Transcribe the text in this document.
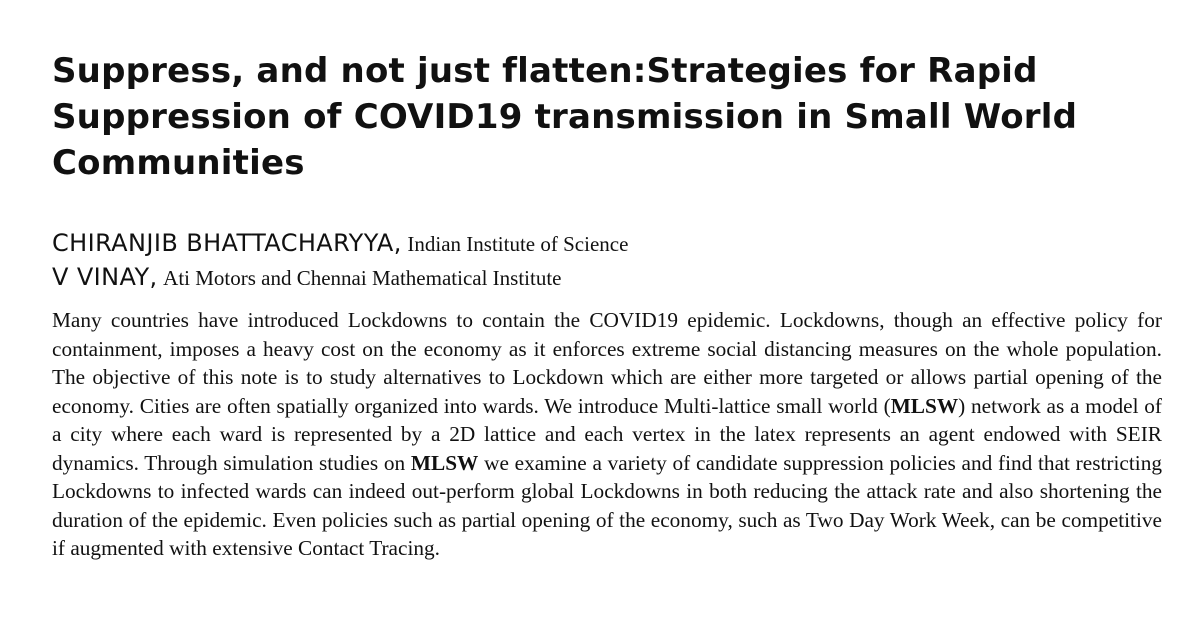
Suppress, and not just flatten:Strategies for Rapid Suppression of COVID19 transmission in Small World Communities
CHIRANJIB BHATTACHARYYA, Indian Institute of Science
V VINAY, Ati Motors and Chennai Mathematical Institute

Many countries have introduced Lockdowns to contain the COVID19 epidemic. Lockdowns, though an effective policy for containment, imposes a heavy cost on the economy as it enforces extreme social distancing measures on the whole population. The objective of this note is to study alternatives to Lockdown which are either more targeted or allows partial opening of the economy. Cities are often spatially organized into wards. We introduce Multi-lattice small world (MLSW) network as a model of a city where each ward is represented by a 2D lattice and each vertex in the latex represents an agent endowed with SEIR dynamics. Through simulation studies on MLSW we examine a variety of candidate suppression policies and find that restricting Lockdowns to infected wards can indeed out-perform global Lockdowns in both reducing the attack rate and also shortening the duration of the epidemic. Even policies such as partial opening of the economy, such as Two Day Work Week, can be competitive if augmented with extensive Contact Tracing.
